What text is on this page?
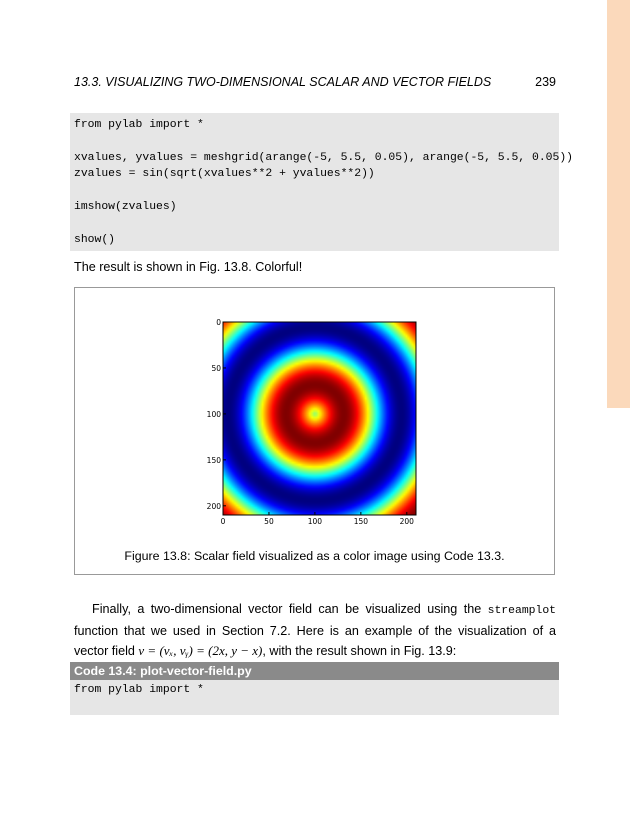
13.3. VISUALIZING TWO-DIMENSIONAL SCALAR AND VECTOR FIELDS	239
from pylab import *
xvalues, yvalues = meshgrid(arange(-5, 5.5, 0.05), arange(-5, 5.5, 0.05))
zvalues = sin(sqrt(xvalues**2 + yvalues**2))
imshow(zvalues)
show()
The result is shown in Fig. 13.8. Colorful!
0	50	100	150	200
0
50
100
150
200
Figure 13.8: Scalar field visualized as a color image using Code 13.3.
Finally, a two-dimensional vector field can be visualized using the streamplot function that we used in Section 7.2. Here is an example of the visualization of a vector field v = (vₓ, vᵧ) = (2x, y − x), with the result shown in Fig. 13.9:
Code 13.4: plot-vector-field.py
from pylab import *
